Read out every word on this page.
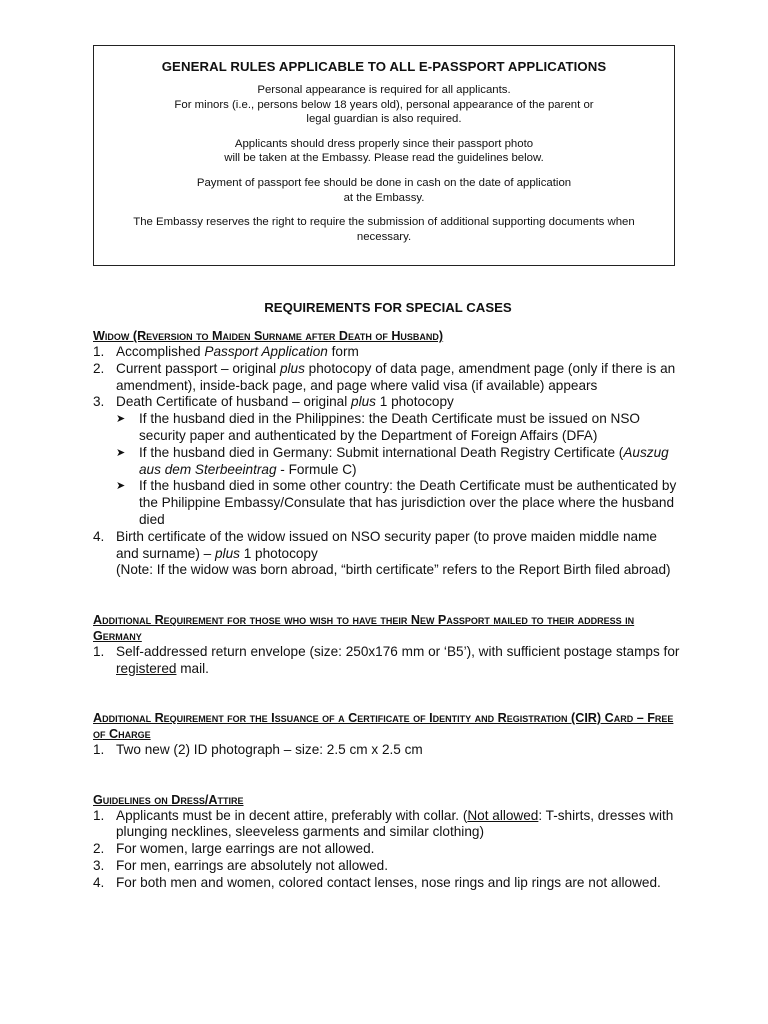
GENERAL RULES APPLICABLE TO ALL E-PASSPORT APPLICATIONS

Personal appearance is required for all applicants.

For minors (i.e., persons below 18 years old), personal appearance of the parent or

legal guardian is also required.

Applicants should dress properly since their passport photo

will be taken at the Embassy. Please read the guidelines below.

Payment of passport fee should be done in cash on the date of application

at the Embassy.

The Embassy reserves the right to require the submission of additional supporting documents when

necessary.

REQUIREMENTS FOR SPECIAL CASES
Widow (Reversion to Maiden Surname after Death of Husband)
1. Accomplished Passport Application form
2. Current passport – original plus photocopy of data page, amendment page (only if there is an amendment), inside-back page, and page where valid visa (if available) appears
3. Death Certificate of husband – original plus 1 photocopy
➤	If the husband died in the Philippines: the Death Certificate must be issued on NSO security paper and authenticated by the Department of Foreign Affairs (DFA)
➤	If the husband died in Germany: Submit international Death Registry Certificate (Auszug aus dem Sterbeeintrag - Formule C)
➤	If the husband died in some other country: the Death Certificate must be authenticated by the Philippine Embassy/Consulate that has jurisdiction over the place where the husband died
4. Birth certificate of the widow issued on NSO security paper (to prove maiden middle name and surname) – plus 1 photocopy
(Note: If the widow was born abroad, “birth certificate” refers to the Report Birth filed abroad)
Additional Requirement for those who wish to have their New Passport mailed to their address in Germany
1. Self-addressed return envelope (size: 250x176 mm or ‘B5’), with sufficient postage stamps for registered mail.
Additional Requirement for the Issuance of a Certificate of Identity and Registration (CIR) Card – Free of Charge
1. Two new (2) ID photograph – size: 2.5 cm x 2.5 cm
Guidelines on Dress/Attire
1. Applicants must be in decent attire, preferably with collar. (Not allowed: T-shirts, dresses with plunging necklines, sleeveless garments and similar clothing)
2. For women, large earrings are not allowed.
3. For men, earrings are absolutely not allowed.
4. For both men and women, colored contact lenses, nose rings and lip rings are not allowed.
